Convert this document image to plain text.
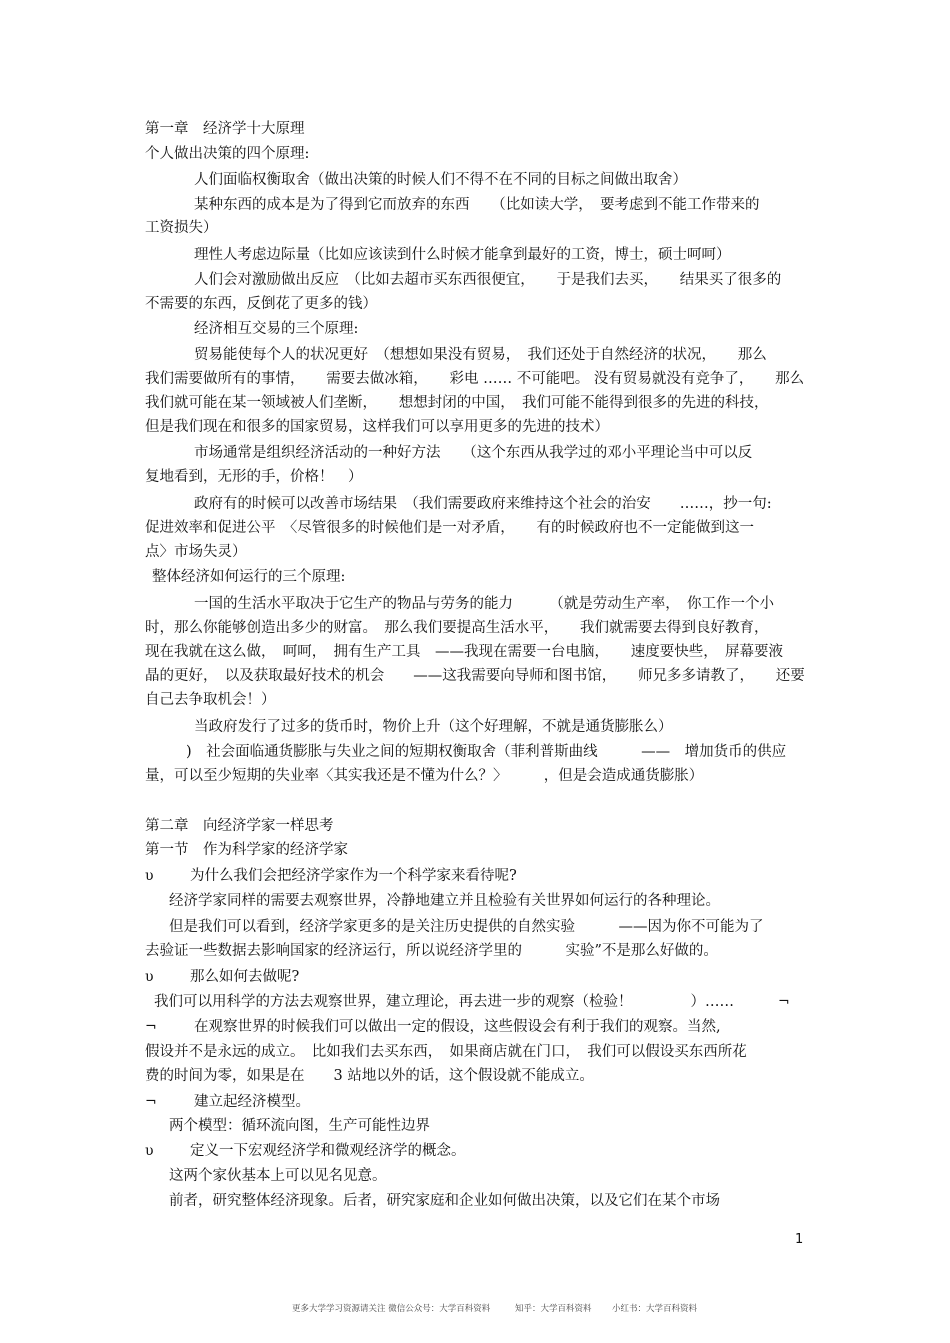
第一章　经济学十大原理
个人做出决策的四个原理:
人们面临权衡取舍（做出决策的时候人们不得不在不同的目标之间做出取舍）
某种东西的成本是为了得到它而放弃的东西　　（比如读大学，　要考虑到不能工作带来的
工资损失）
理性人考虑边际量（比如应该读到什么时候才能拿到最好的工资，博士，硕士呵呵）
人们会对激励做出反应　（比如去超市买东西很便宜，　　于是我们去买，　　结果买了很多的
不需要的东西，反倒花了更多的钱）
经济相互交易的三个原理:
贸易能使每个人的状况更好　（想想如果没有贸易，　我们还处于自然经济的状况，　　那么
我们需要做所有的事情，　　需要去做冰箱，　　彩电 …… 不可能吧。 没有贸易就没有竞争了，　　那么
我们就可能在某一领域被人们垄断，　　想想封闭的中国，　我们可能不能得到很多的先进的科技，
但是我们现在和很多的国家贸易，这样我们可以享用更多的先进的技术）
市场通常是组织经济活动的一种好方法　　（这个东西从我学过的邓小平理论当中可以反
复地看到，无形的手，价格！　）
政府有的时候可以改善市场结果　（我们需要政府来维持这个社会的治安　　……，抄一句:
促进效率和促进公平　〈尽管很多的时候他们是一对矛盾，　　有的时候政府也不一定能做到这一
点〉市场失灵）
整体经济如何运行的三个原理:
一国的生活水平取决于它生产的物品与劳务的能力　　　（就是劳动生产率，　你工作一个小
时，那么你能够创造出多少的财富。　那么我们要提高生活水平，　　我们就需要去得到良好教育，
现在我就在这么做，　呵呵，　拥有生产工具　——我现在需要一台电脑，　　速度要快些，　屏幕要液
晶的更好，　以及获取最好技术的机会　　——这我需要向导师和图书馆，　　师兄多多请教了，　　还要
自己去争取机会！）
当政府发行了过多的货币时，物价上升（这个好理解，不就是通货膨胀么）
)　社会面临通货膨胀与失业之间的短期权衡取舍（菲利普斯曲线　　　——　增加货币的供应
量，可以至少短期的失业率〈其实我还是不懂为什么？〉　　　，但是会造成通货膨胀）
第二章　向经济学家一样思考
第一节　作为科学家的经济学家
υ	为什么我们会把经济学家作为一个科学家来看待呢?
经济学家同样的需要去观察世界，冷静地建立并且检验有关世界如何运行的各种理论。
但是我们可以看到，经济学家更多的是关注历史提供的自然实验　　　——因为你不可能为了
去验证一些数据去影响国家的经济运行，所以说经济学里的　　　实验”不是那么好做的。
υ	那么如何去做呢?
我们可以用科学的方法去观察世界，建立理论，再去进一步的观察（检验！　　　　）……	¬
¬	在观察世界的时候我们可以做出一定的假设，这些假设会有利于我们的观察。当然,
假设并不是永远的成立。　比如我们去买东西，　如果商店就在门口，　我们可以假设买东西所花
费的时间为零，如果是在　　3 站地以外的话，这个假设就不能成立。
¬	建立起经济模型。
两个模型：循环流向图，生产可能性边界
υ	定义一下宏观经济学和微观经济学的概念。
这两个家伙基本上可以见名见意。
前者，研究整体经济现象。后者，研究家庭和企业如何做出决策，以及它们在某个市场
1
更多大学学习资源请关注 微信公众号：大学百科资料	知乎：大学百科资料 小红书：大学百科资料
